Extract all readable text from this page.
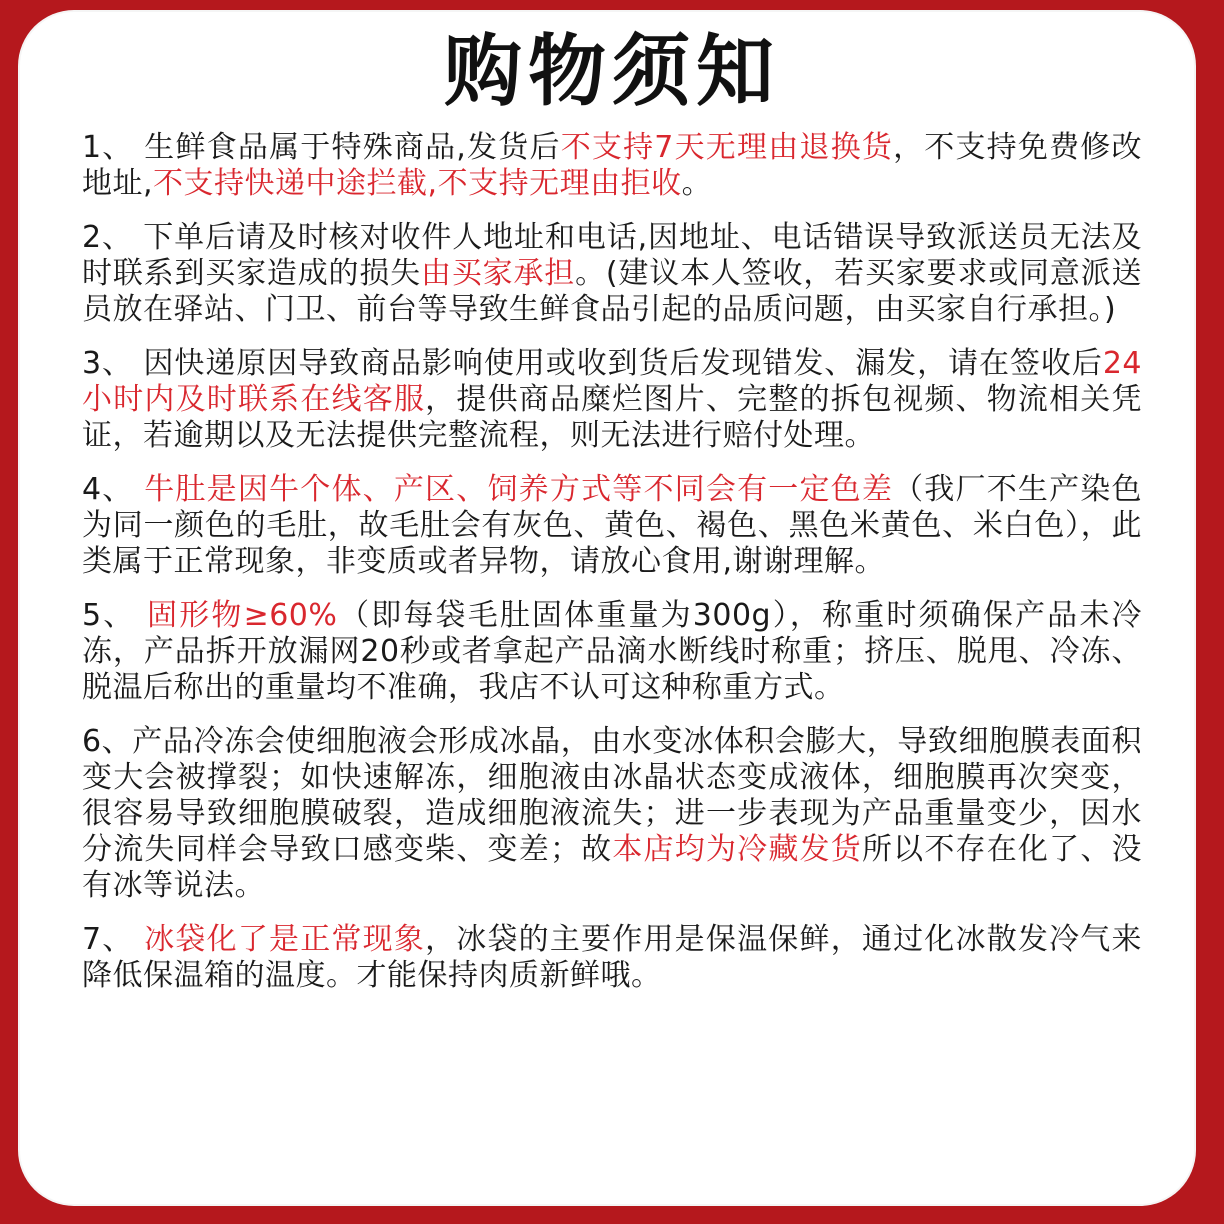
购物须知

1、 生鲜食品属于特殊商品,发货后不支持7天无理由退换货，不支持免费修改地址,不支持快递中途拦截,不支持无理由拒收。

2、 下单后请及时核对收件人地址和电话,因地址、电话错误导致派送员无法及时联系到买家造成的损失由买家承担。(建议本人签收，若买家要求或同意派送员放在驿站、门卫、前台等导致生鲜食品引起的品质问题，由买家自行承担。)

3、 因快递原因导致商品影响使用或收到货后发现错发、漏发，请在签收后24小时内及时联系在线客服，提供商品糜烂图片、完整的拆包视频、物流相关凭证，若逾期以及无法提供完整流程，则无法进行赔付处理。

4、 牛肚是因牛个体、产区、饲养方式等不同会有一定色差（我厂不生产染色为同一颜色的毛肚，故毛肚会有灰色、黄色、褐色、黑色米黄色、米白色），此类属于正常现象，非变质或者异物，请放心食用,谢谢理解。

5、 固形物≥60%（即每袋毛肚固体重量为300g），称重时须确保产品未冷冻，产品拆开放漏网20秒或者拿起产品滴水断线时称重；挤压、脱甩、冷冻、脱温后称出的重量均不准确，我店不认可这种称重方式。

6、产品冷冻会使细胞液会形成冰晶，由水变冰体积会膨大，导致细胞膜表面积变大会被撑裂；如快速解冻，细胞液由冰晶状态变成液体，细胞膜再次突变，很容易导致细胞膜破裂，造成细胞液流失；进一步表现为产品重量变少，因水分流失同样会导致口感变柴、变差；故本店均为冷藏发货所以不存在化了、没有冰等说法。

7、 冰袋化了是正常现象，冰袋的主要作用是保温保鲜，通过化冰散发冷气来降低保温箱的温度。才能保持肉质新鲜哦。
